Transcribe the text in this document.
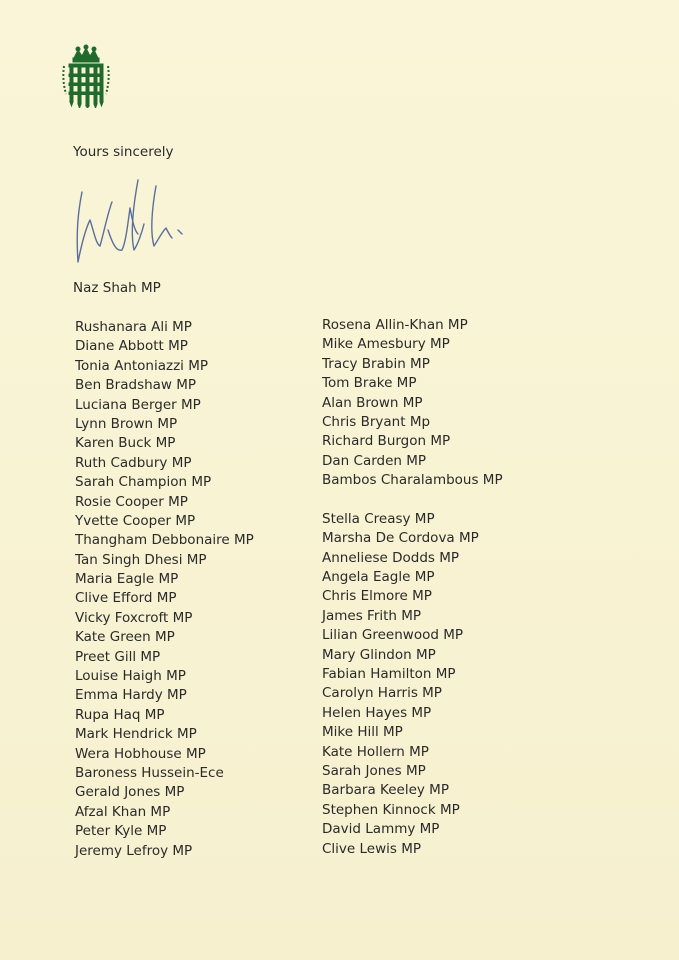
Yours sincerely
Naz Shah MP
Rushanara Ali MP
Diane Abbott MP
Tonia Antoniazzi MP
Ben Bradshaw MP
Luciana Berger MP
Lynn Brown MP
Karen Buck MP
Ruth Cadbury MP
Sarah Champion MP
Rosie Cooper MP
Yvette Cooper MP
Thangham Debbonaire MP
Tan Singh Dhesi MP
Maria Eagle MP
Clive Efford MP
Vicky Foxcroft MP
Kate Green MP
Preet Gill MP
Louise Haigh MP
Emma Hardy MP
Rupa Haq MP
Mark Hendrick MP
Wera Hobhouse MP
Baroness Hussein-Ece
Gerald Jones MP
Afzal Khan MP
Peter Kyle MP
Jeremy Lefroy MP
Rosena Allin-Khan MP
Mike Amesbury MP
Tracy Brabin MP
Tom Brake MP
Alan Brown MP
Chris Bryant Mp
Richard Burgon MP
Dan Carden MP
Bambos Charalambous MP
Stella Creasy MP
Marsha De Cordova MP
Anneliese Dodds MP
Angela Eagle MP
Chris Elmore MP
James Frith MP
Lilian Greenwood MP
Mary Glindon MP
Fabian Hamilton MP
Carolyn Harris MP
Helen Hayes MP
Mike Hill MP
Kate Hollern MP
Sarah Jones MP
Barbara Keeley MP
Stephen Kinnock MP
David Lammy MP
Clive Lewis MP
